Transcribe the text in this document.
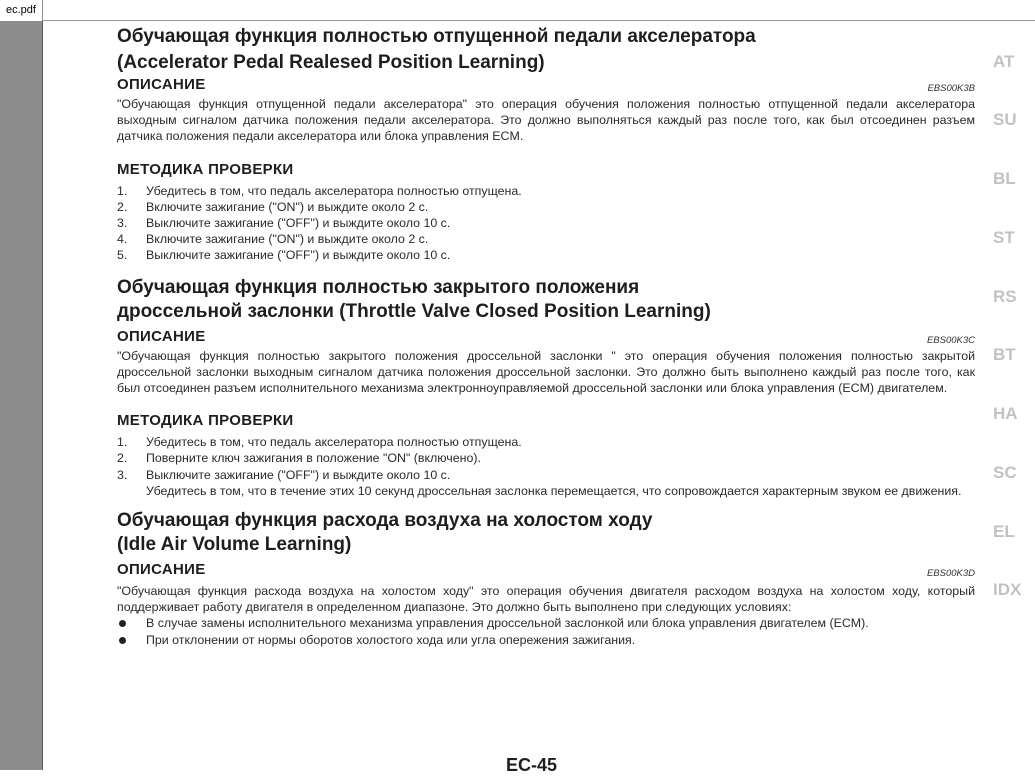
ec.pdf
Обучающая функция полностью отпущенной педали акселератора
(Accelerator Pedal Realesed Position Learning)
ОПИСАНИЕ	EBS00K3B

"Обучающая функция отпущенной педали акселератора" это операция обучения положения полностью отпущенной педали акселератора выходным сигналом датчика положения педали акселератора. Это должно выполняться каждый раз после того, как был отсоединен разъем датчика положения педали акселератора или блока управления ECM.

МЕТОДИКА ПРОВЕРКИ
1. Убедитесь в том, что педаль акселератора полностью отпущена.
2. Включите зажигание ("ON") и выждите около 2 с.
3. Выключите зажигание ("OFF") и выждите около 10 с.
4. Включите зажигание ("ON") и выждите около 2 с.
5. Выключите зажигание ("OFF") и выждите около 10 с.
Обучающая функция полностью закрытого положения
дроссельной заслонки (Throttle Valve Closed Position Learning)
ОПИСАНИЕ	EBS00K3C

"Обучающая функция полностью закрытого положения дроссельной заслонки " это операция обучения положения полностью закрытой дроссельной заслонки выходным сигналом датчика положения дроссельной заслонки. Это должно быть выполнено каждый раз после того, как был отсоединен разъем исполнительного механизма электронноуправляемой дроссельной заслонки или блока управления (ECM) двигателем.

МЕТОДИКА ПРОВЕРКИ
1. Убедитесь в том, что педаль акселератора полностью отпущена.
2. Поверните ключ зажигания в положение "ON" (включено).
3. Выключите зажигание ("OFF") и выждите около 10 с.
Убедитесь в том, что в течение этих 10 секунд дроссельная заслонка перемещается, что сопровождается характерным звуком ее движения.
Обучающая функция расхода воздуха на холостом ходу
(Idle Air Volume Learning)
ОПИСАНИЕ	EBS00K3D

"Обучающая функция расхода воздуха на холостом ходу" это операция обучения двигателя расходом воздуха на холостом ходу, который поддерживает работу двигателя в определенном диапазоне. Это должно быть выполнено при следующих условиях:

В случае замены исполнительного механизма управления дроссельной заслонкой или блока управления двигателем (ECM).
При отклонении от нормы оборотов холостого хода или угла опережения зажигания.
EC-45
AT
SU
BL
ST
RS
BT
HA
SC
EL
IDX
